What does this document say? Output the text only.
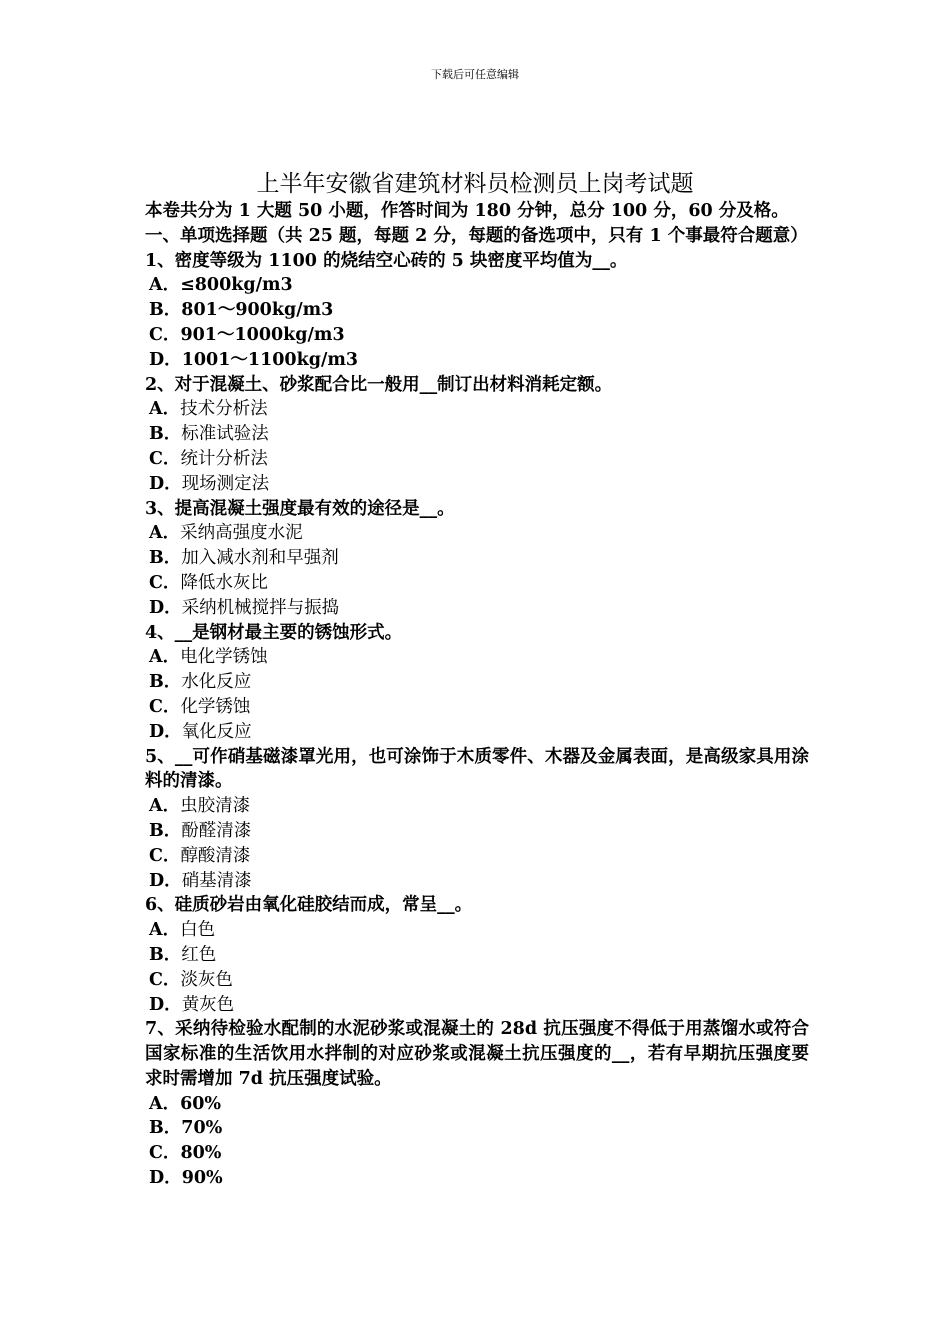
下载后可任意编辑
上半年安徽省建筑材料员检测员上岗考试题

本卷共分为 1 大题 50 小题，作答时间为 180 分钟，总分 100 分，60 分及格。

一、单项选择题（共 25 题，每题 2 分，每题的备选项中，只有 1 个事最符合题意）

1、密度等级为 1100 的烧结空心砖的 5 块密度平均值为__。

A．≤800kg/m3

B．801～900kg/m3

C．901～1000kg/m3

D．1001～1100kg/m3

2、对于混凝土、砂浆配合比一般用__制订出材料消耗定额。

A．技术分析法

B．标准试验法

C．统计分析法

D．现场测定法

3、提高混凝土强度最有效的途径是__。

A．采纳高强度水泥

B．加入减水剂和早强剂

C．降低水灰比

D．采纳机械搅拌与振捣

4、__是钢材最主要的锈蚀形式。

A．电化学锈蚀

B．水化反应

C．化学锈蚀

D．氧化反应

5、__可作硝基磁漆罩光用，也可涂饰于木质零件、木器及金属表面，是高级家具用涂料的清漆。

A．虫胶清漆

B．酚醛清漆

C．醇酸清漆

D．硝基清漆

6、硅质砂岩由氧化硅胶结而成，常呈__。

A．白色

B．红色

C．淡灰色

D．黄灰色

7、采纳待检验水配制的水泥砂浆或混凝土的 28d 抗压强度不得低于用蒸馏水或符合国家标准的生活饮用水拌制的对应砂浆或混凝土抗压强度的__，若有早期抗压强度要求时需增加 7d 抗压强度试验。

A．60%

B．70%

C．80%

D．90%
